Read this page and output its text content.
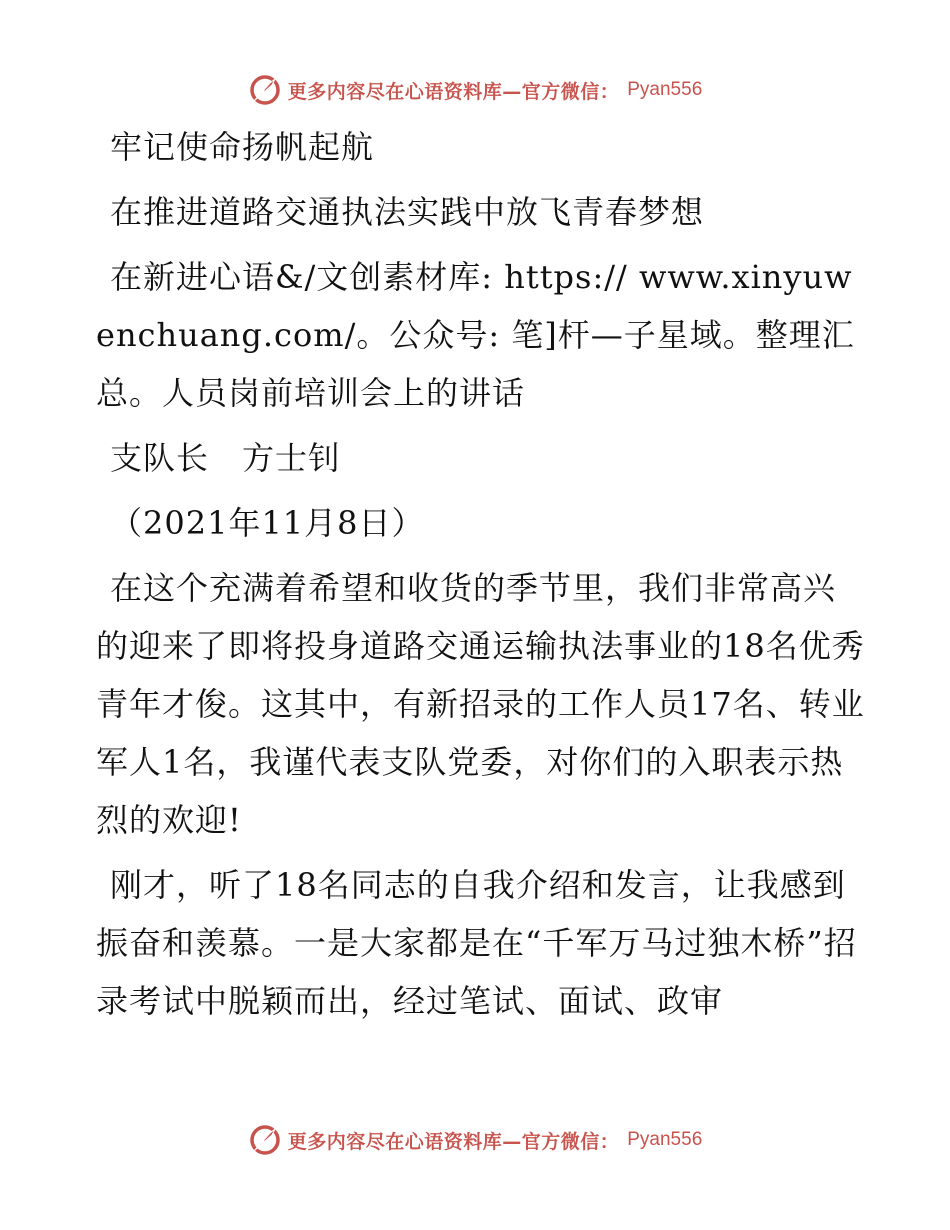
更多内容尽在心语资料库—官方微信： Pyan556

牢记使命扬帆起航

在推进道路交通执法实践中放飞青春梦想

在新进心语&/文创素材库: https:// www.xinyuwenchuang.com/。公众号: 笔]杆—子星域。整理汇总。人员岗前培训会上的讲话

支队长　方士钊

（2021年11月8日）

在这个充满着希望和收货的季节里，我们非常高兴的迎来了即将投身道路交通运输执法事业的18名优秀青年才俊。这其中，有新招录的工作人员17名、转业军人1名，我谨代表支队党委，对你们的入职表示热烈的欢迎!

刚才，听了18名同志的自我介绍和发言，让我感到振奋和羡慕。一是大家都是在“千军万马过独木桥”招录考试中脱颖而出，经过笔试、面试、政审

更多内容尽在心语资料库—官方微信： Pyan556
